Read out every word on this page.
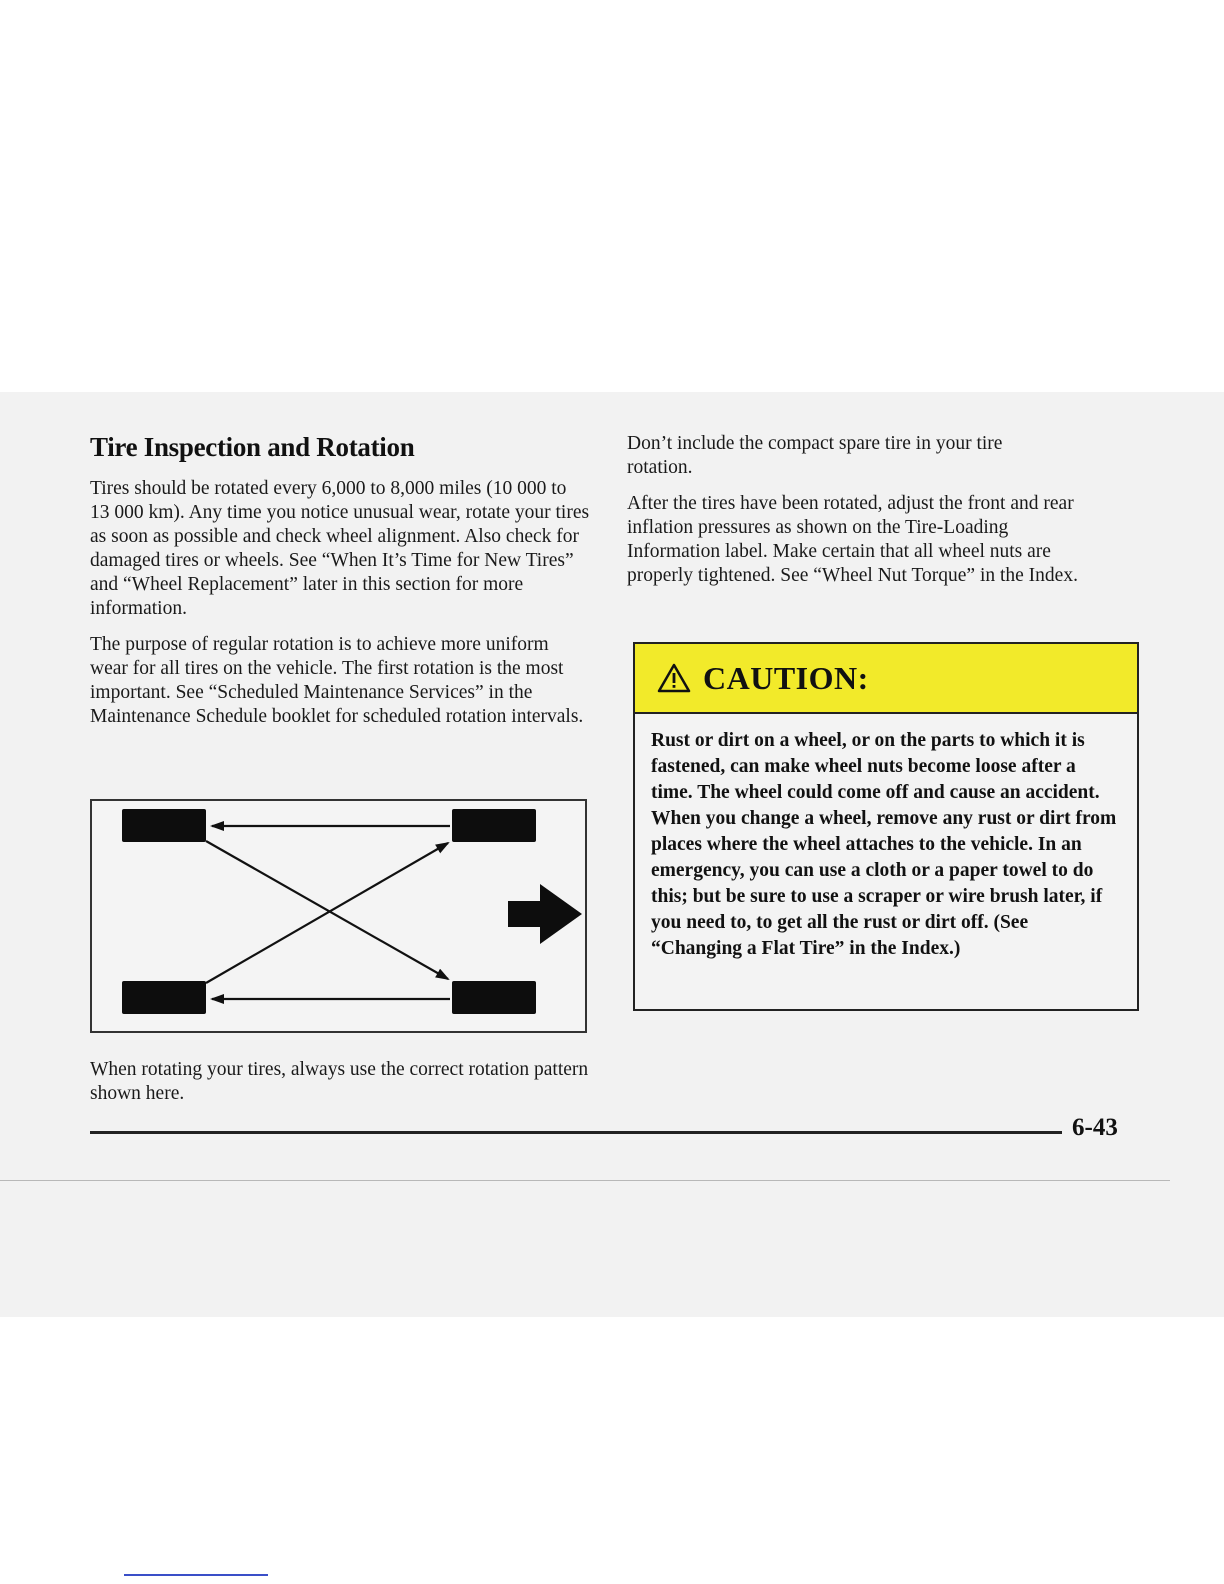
Tire Inspection and Rotation

Tires should be rotated every 6,000 to 8,000 miles (10 000 to 13 000 km). Any time you notice unusual wear, rotate your tires as soon as possible and check wheel alignment. Also check for damaged tires or wheels. See “When It’s Time for New Tires” and “Wheel Replacement” later in this section for more information.

The purpose of regular rotation is to achieve more uniform wear for all tires on the vehicle. The first rotation is the most important. See “Scheduled Maintenance Services” in the Maintenance Schedule booklet for scheduled rotation intervals.

When rotating your tires, always use the correct rotation pattern shown here.

Don’t include the compact spare tire in your tire rotation.

After the tires have been rotated, adjust the front and rear inflation pressures as shown on the Tire-Loading Information label. Make certain that all wheel nuts are properly tightened. See “Wheel Nut Torque” in the Index.

CAUTION:
Rust or dirt on a wheel, or on the parts to which it is fastened, can make wheel nuts become loose after a time. The wheel could come off and cause an accident. When you change a wheel, remove any rust or dirt from places where the wheel attaches to the vehicle. In an emergency, you can use a cloth or a paper towel to do this; but be sure to use a scraper or wire brush later, if you need to, to get all the rust or dirt off. (See “Changing a Flat Tire” in the Index.)
6-43
